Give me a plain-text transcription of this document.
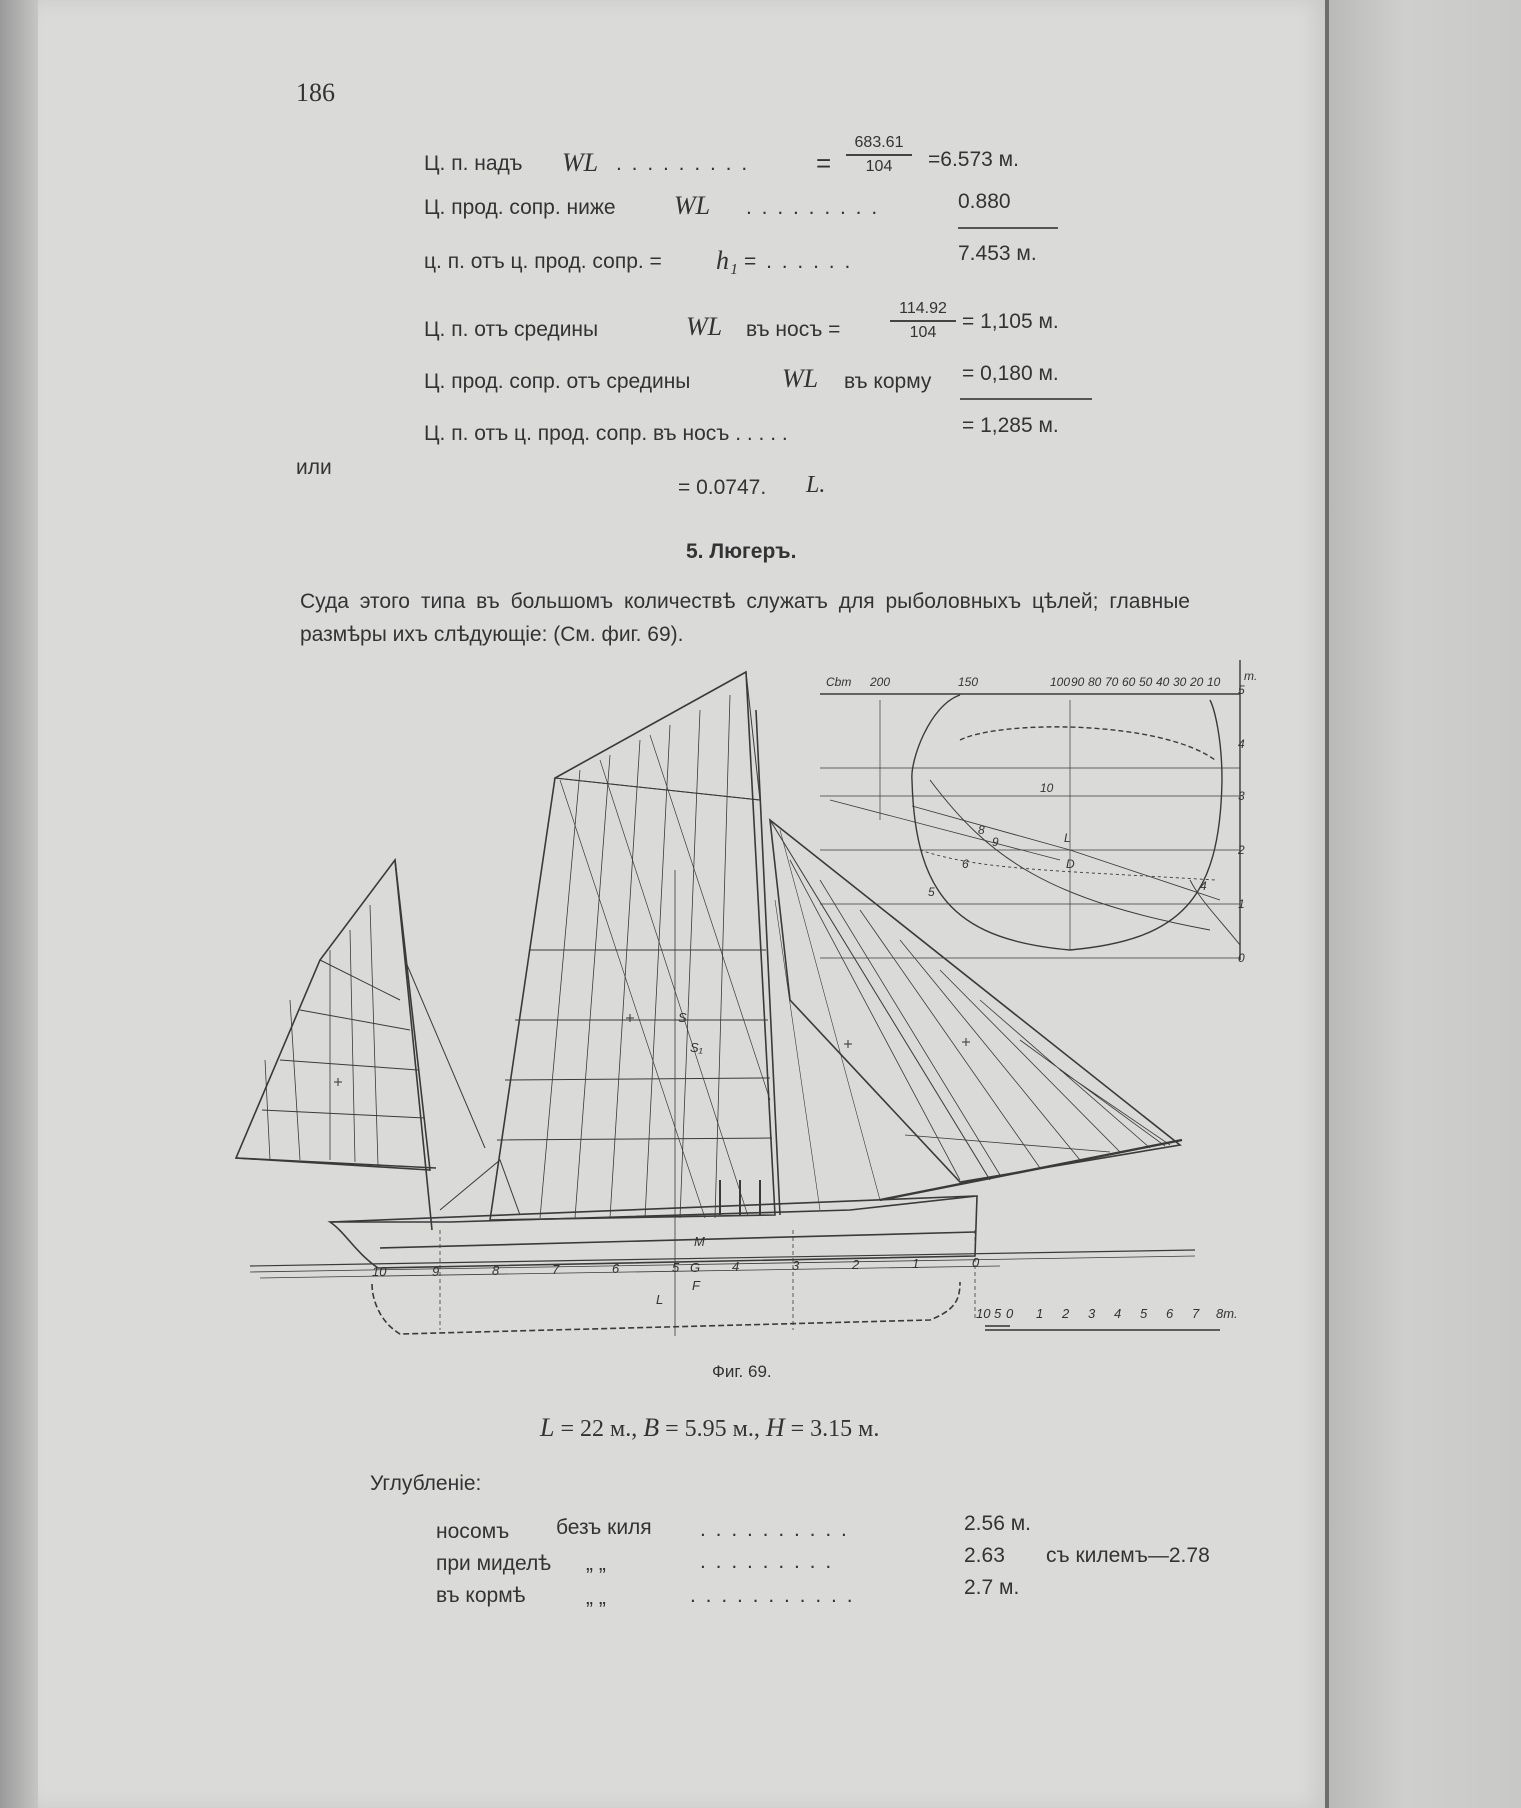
186
Ц. п. надъ WL . . . . . . . . .	=
683.61
104	=6.573 м.
Ц. прод. сопр. ниже WL . . . . . . . . .	0.880
ц. п. отъ ц. прод. сопр. = h₁ = . . . . . .	7.453 м.
Ц. п. отъ средины	WL въ носъ =
114.92
104	= 1,105 м.
Ц. прод. сопр. отъ средины	WL въ корму = 0,180 м.
Ц. п. отъ ц. прод. сопр. въ носъ . . . . .	= 1,285 м.
или
= 0.0747. L.
5. Люгеръ.
Суда этого типа въ большомъ количествѣ служатъ для рыболовныхъ цѣлей; главные размѣры ихъ слѣдующіе: (См. фиг. 69).
10	9	8	7	6	5 G 4	3	2	1	0
S
S₁
M
F
L
10 5 0 1 2 3 4 5 6 7 8m.
Cbm 200	150	100 90 80 70 60 50 40 30 20 10 m.
5
4
3
2
1
0
10
9
8
6
5	4
L
D
Фиг. 69.
L = 22 м., B = 5.95 м., H = 3.15 м.
Углубленіе:
носомъ безъ киля . . . . . . . . . .	2.56 м.
при миделѣ „ „	. . . . . . . . .	2.63 съ килемъ—2.78
въ кормѣ	„ „	. . . . . . . . . . .	2.7 м.
